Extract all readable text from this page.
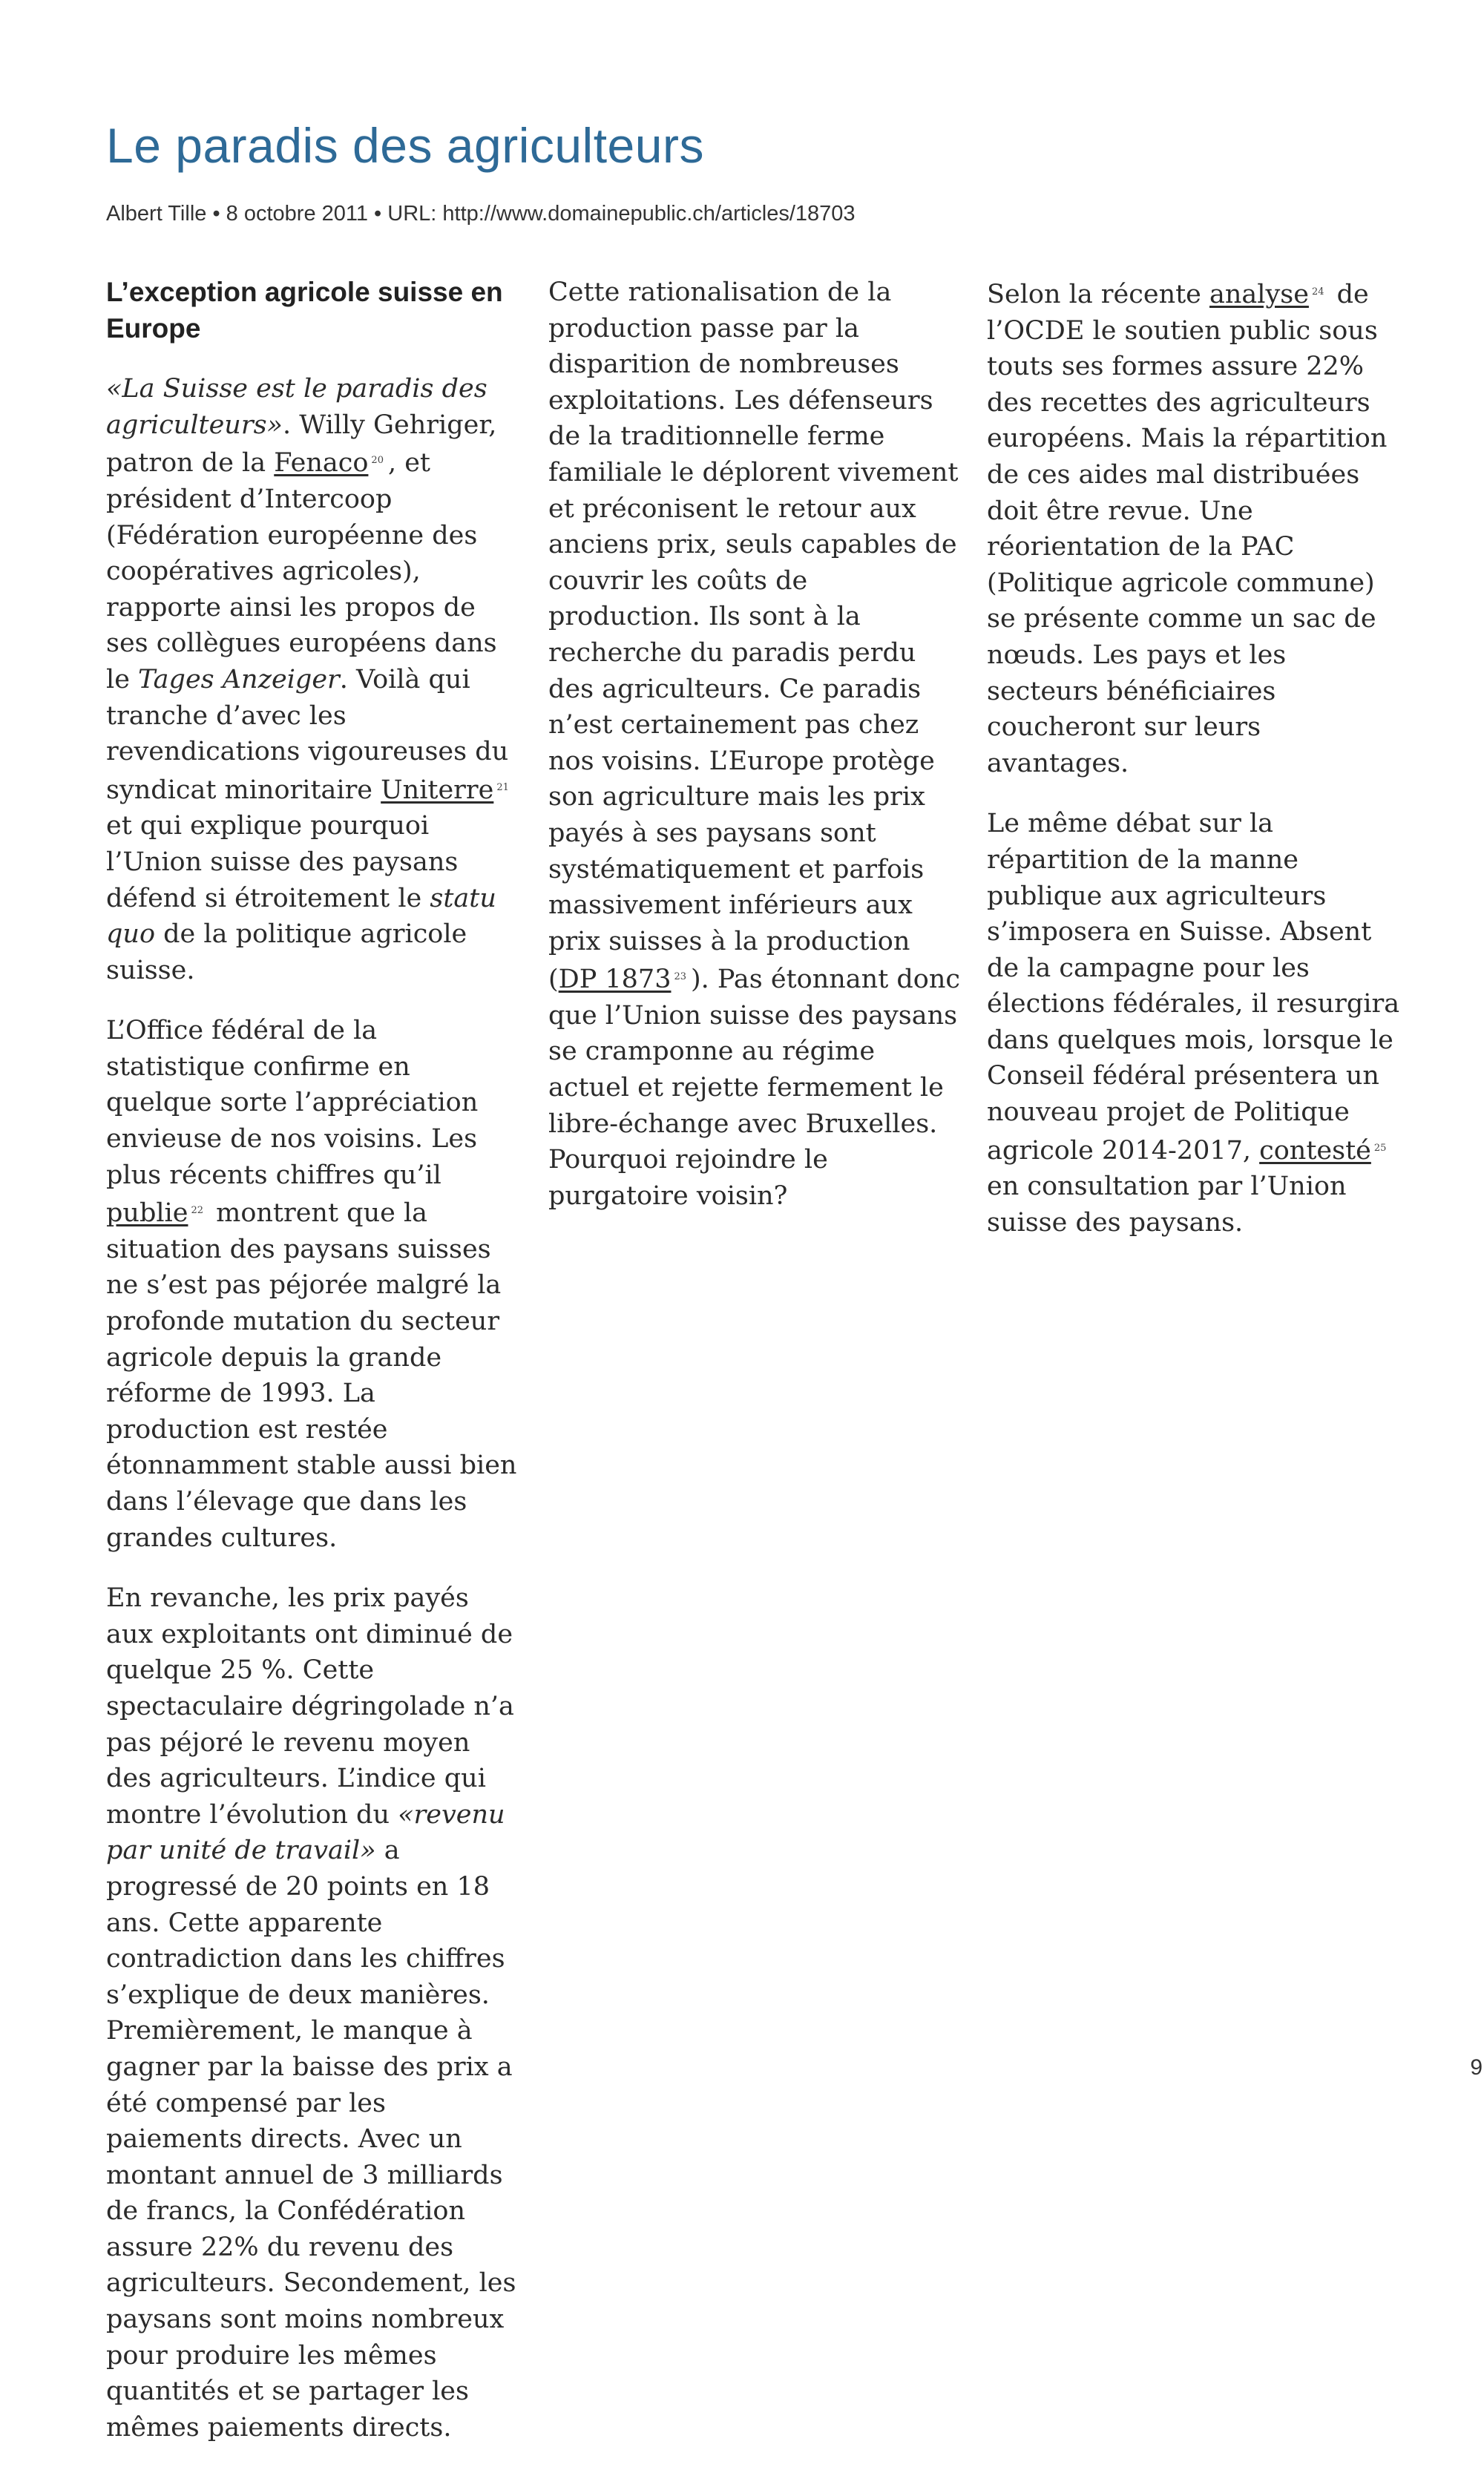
Le paradis des agriculteurs
Albert Tille • 8 octobre 2011 • URL: http://www.domainepublic.ch/articles/18703
L’exception agricole suisse en Europe

«La Suisse est le paradis des agriculteurs». Willy Gehriger, patron de la Fenaco $^{20}$ , et président d’Intercoop (Fédération européenne des coopératives agricoles), rapporte ainsi les propos de ses collègues européens dans le Tages Anzeiger. Voilà qui tranche d’avec les revendications vigoureuses du syndicat minoritaire Uniterre $^{21}$ et qui explique pourquoi l’Union suisse des paysans défend si étroitement le statu quo de la politique agricole suisse.

L’Office fédéral de la statistique confirme en quelque sorte l’appréciation envieuse de nos voisins. Les plus récents chiffres qu’il publie $^{22}$ montrent que la situation des paysans suisses ne s’est pas péjorée malgré la profonde mutation du secteur agricole depuis la grande réforme de 1993. La production est restée étonnamment stable aussi bien dans l’élevage que dans les grandes cultures.

En revanche, les prix payés aux exploitants ont diminué de quelque 25 %. Cette spectaculaire dégringolade n’a pas péjoré le revenu moyen des agriculteurs. L’indice qui montre l’évolution du «revenu par unité de travail» a progressé de 20 points en 18 ans. Cette apparente contradiction dans les chiffres s’explique de deux manières. Premièrement, le manque à gagner par la baisse des prix a été compensé par les paiements directs. Avec un montant annuel de 3 milliards de francs, la Confédération assure 22% du revenu des agriculteurs. Secondement, les paysans sont moins nombreux pour produire les mêmes quantités et se partager les mêmes paiements directs.

Cette rationalisation de la production passe par la disparition de nombreuses exploitations. Les défenseurs de la traditionnelle ferme familiale le déplorent vivement et préconisent le retour aux anciens prix, seuls capables de couvrir les coûts de production. Ils sont à la recherche du paradis perdu des agriculteurs. Ce paradis n’est certainement pas chez nos voisins. L’Europe protège son agriculture mais les prix payés à ses paysans sont systématiquement et parfois massivement inférieurs aux prix suisses à la production (DP 1873 $^{23}$ ). Pas étonnant donc que l’Union suisse des paysans se cramponne au régime actuel et rejette fermement le libre-échange avec Bruxelles. Pourquoi rejoindre le purgatoire voisin?

Selon la récente analyse $^{24}$ de l’OCDE le soutien public sous touts ses formes assure 22% des recettes des agriculteurs européens. Mais la répartition de ces aides mal distribuées doit être revue. Une réorientation de la PAC (Politique agricole commune) se présente comme un sac de nœuds. Les pays et les secteurs bénéficiaires coucheront sur leurs avantages.

Le même débat sur la répartition de la manne publique aux agriculteurs s’imposera en Suisse. Absent de la campagne pour les élections fédérales, il resurgira dans quelques mois, lorsque le Conseil fédéral présentera un nouveau projet de Politique agricole 2014-2017, contesté $^{25}$ en consultation par l’Union suisse des paysans.

9
